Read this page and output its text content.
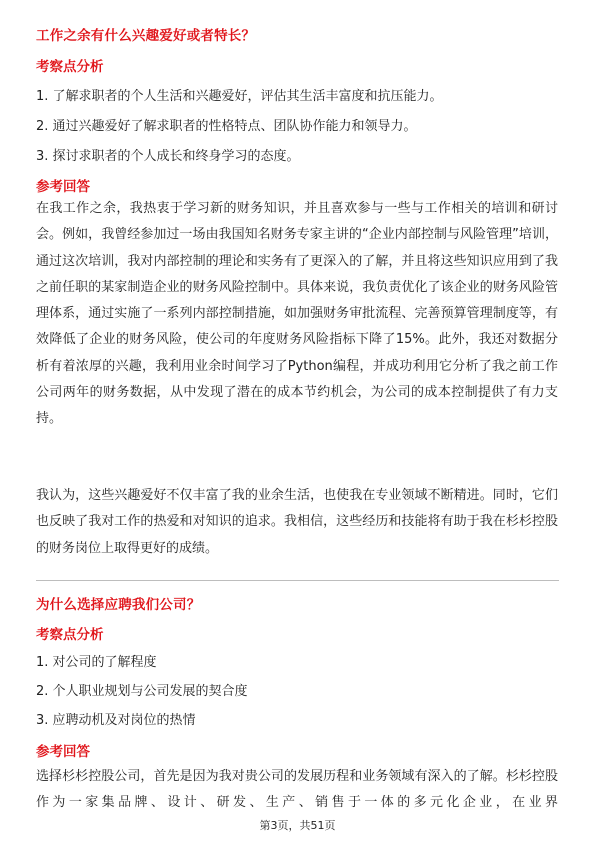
工作之余有什么兴趣爱好或者特长？
考察点分析
1. 了解求职者的个人生活和兴趣爱好，评估其生活丰富度和抗压能力。
2. 通过兴趣爱好了解求职者的性格特点、团队协作能力和领导力。
3. 探讨求职者的个人成长和终身学习的态度。
参考回答

在我工作之余，我热衷于学习新的财务知识，并且喜欢参与一些与工作相关的培训和研讨会。例如，我曾经参加过一场由我国知名财务专家主讲的“企业内部控制与风险管理”培训，通过这次培训，我对内部控制的理论和实务有了更深入的了解，并且将这些知识应用到了我之前任职的某家制造企业的财务风险控制中。具体来说，我负责优化了该企业的财务风险管理体系，通过实施了一系列内部控制措施，如加强财务审批流程、完善预算管理制度等，有效降低了企业的财务风险，使公司的年度财务风险指标下降了15%。此外，我还对数据分析有着浓厚的兴趣，我利用业余时间学习了Python编程，并成功利用它分析了我之前工作公司两年的财务数据，从中发现了潜在的成本节约机会，为公司的成本控制提供了有力支持。

我认为，这些兴趣爱好不仅丰富了我的业余生活，也使我在专业领域不断精进。同时，它们也反映了我对工作的热爱和对知识的追求。我相信，这些经历和技能将有助于我在杉杉控股的财务岗位上取得更好的成绩。

为什么选择应聘我们公司？
考察点分析
1. 对公司的了解程度
2. 个人职业规划与公司发展的契合度
3. 应聘动机及对岗位的热情
参考回答

选择杉杉控股公司，首先是因为我对贵公司的发展历程和业务领域有深入的了解。杉杉控股作为一家集品牌、设计、研发、生产、销售于一体的多元化企业，在业界

第3页，共51页
